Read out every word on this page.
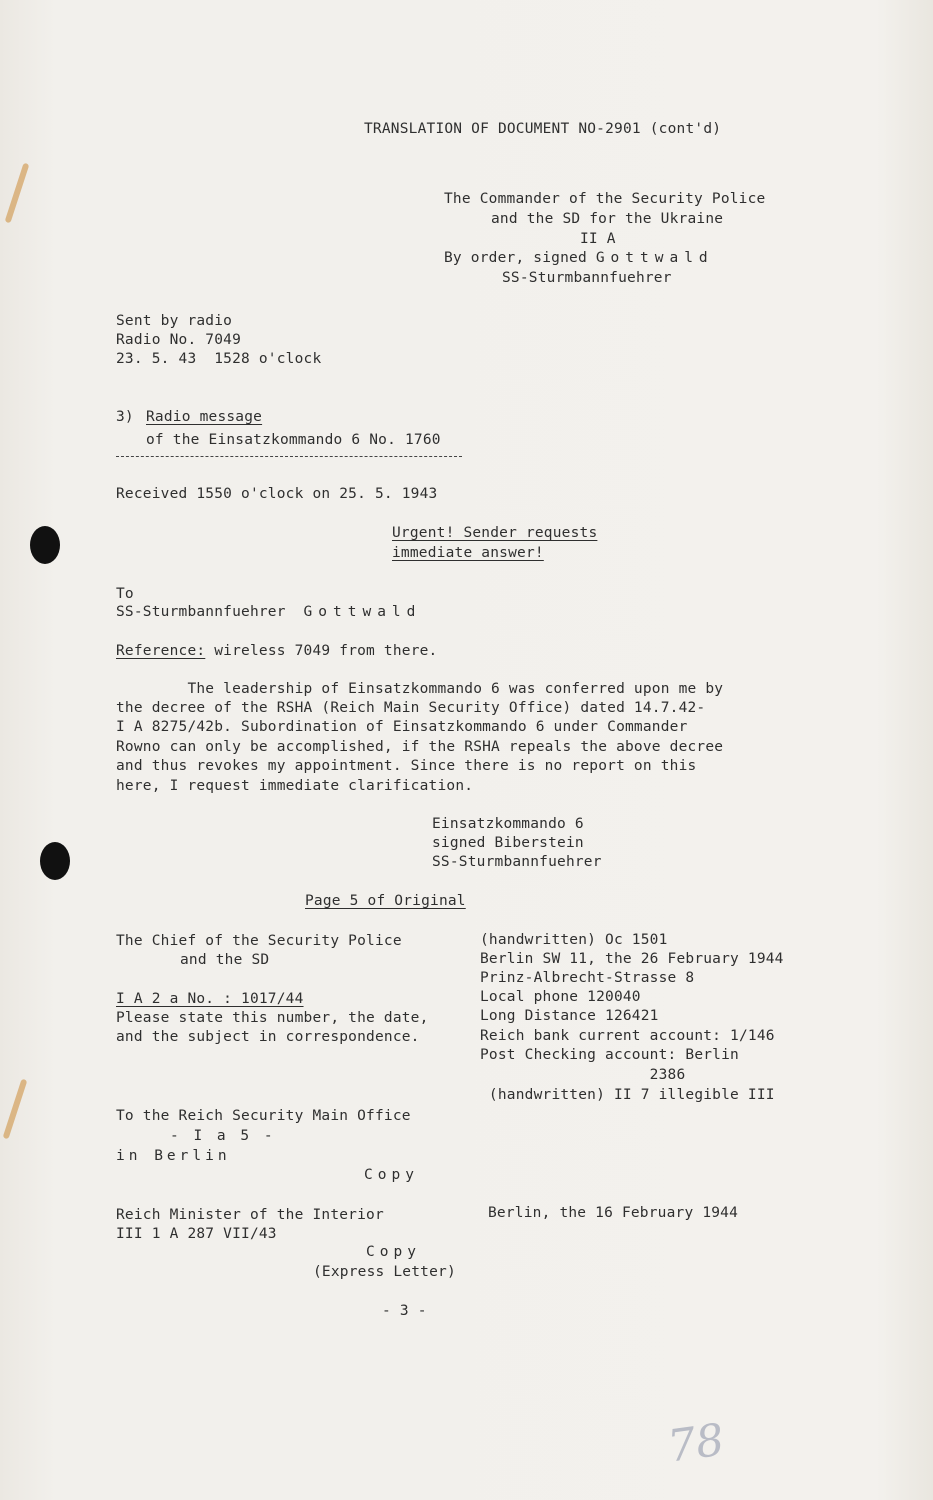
TRANSLATION OF DOCUMENT NO-2901 (cont'd)
The Commander of the Security Police
and the SD for the Ukraine
II A
By order, signed Gottwald
SS-Sturmbannfuehrer
Sent by radio
Radio No. 7049
23. 5. 43  1528 o'clock
3) Radio message
of the Einsatzkommando 6 No. 1760
Received 1550 o'clock on 25. 5. 1943
Urgent! Sender requests
immediate answer!
To
SS-Sturmbannfuehrer Gottwald
Reference: wireless 7049 from there.
The leadership of Einsatzkommando 6 was conferred upon me by
the decree of the RSHA (Reich Main Security Office) dated 14.7.42-
I A 8275/42b. Subordination of Einsatzkommando 6 under Commander
Rowno can only be accomplished, if the RSHA repeals the above decree
and thus revokes my appointment. Since there is no report on this
here, I request immediate clarification.
Einsatzkommando 6
signed Biberstein
SS-Sturmbannfuehrer
Page 5 of Original
The Chief of the Security Police
and the SD
I A 2 a No. : 1017/44
Please state this number, the date,
and the subject in correspondence.
(handwritten) Oc 1501
Berlin SW 11, the 26 February 1944
Prinz-Albrecht-Strasse 8
Local phone 120040
Long Distance 126421
Reich bank current account: 1/146
Post Checking account: Berlin
2386
(handwritten) II 7 illegible III
To the Reich Security Main Office
- I a 5 -
in Berlin
Copy
Reich Minister of the Interior
III 1 A 287 VII/43
Berlin, the 16 February 1944
Copy
(Express Letter)
- 3 -
78
